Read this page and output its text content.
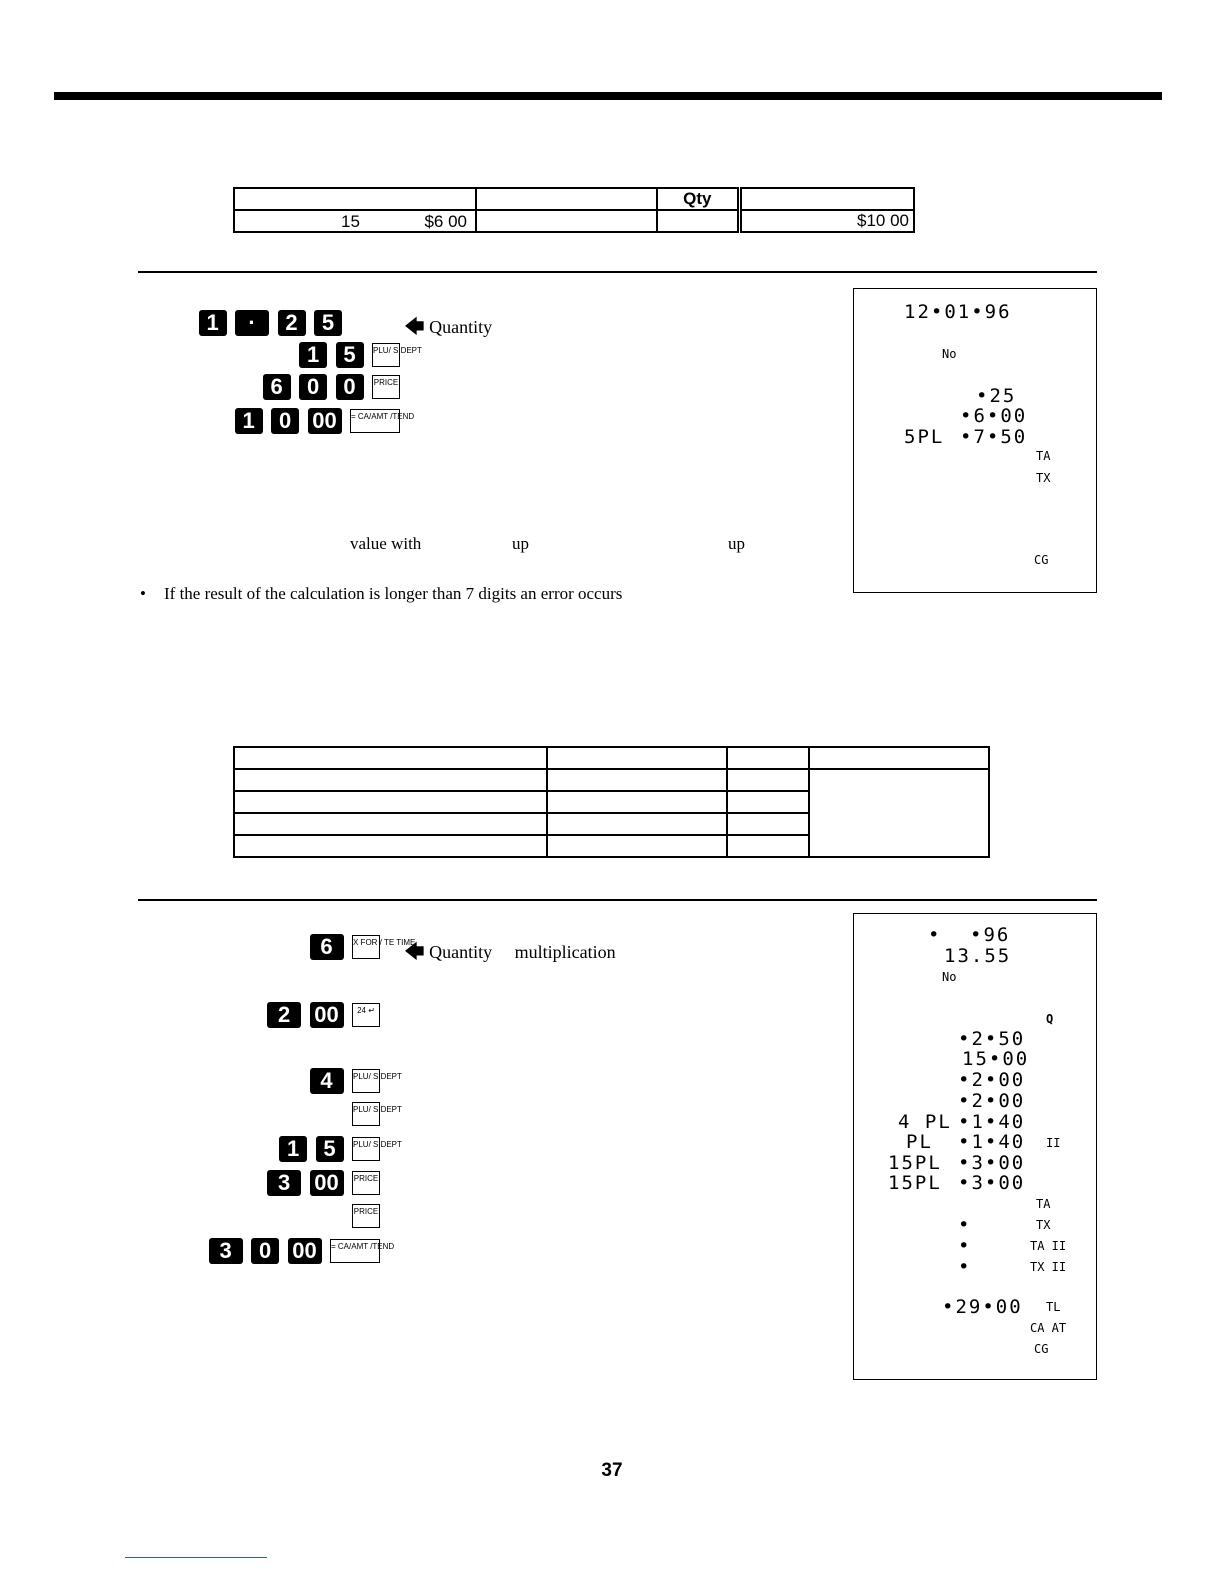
		Qty	

15 $6 00			$10 00
1 · 2 5
1 5 PLU/ S DEPT
6 0 0 PRICE
1 0 00 = CA/AMT /TEND
🡄 Quantity
value with	up	up
• If the result of the calculation is longer than 7 digits an error occurs
12•01•96
No
•25
•6•00
5PL •7•50
TA
TX
CG

6	X FOR / TE TIME
2 00 24 ↵
4	PLU/ S DEPT
PLU/ S DEPT
1 5 PLU/ S DEPT
3 00 PRICE
PRICE
3 0 00 = CA/AMT /TEND
🡄 Quantity multiplication
• •96
13.55
No
Q
•2•50
15•00
•2•00
•2•00
4 PL •1•40
PL •1•40 II
15PL •3•00
15PL •3•00
TA
•	TX
•	TA II
•	TX II
•29•00 TL
CA AT
CG
37
